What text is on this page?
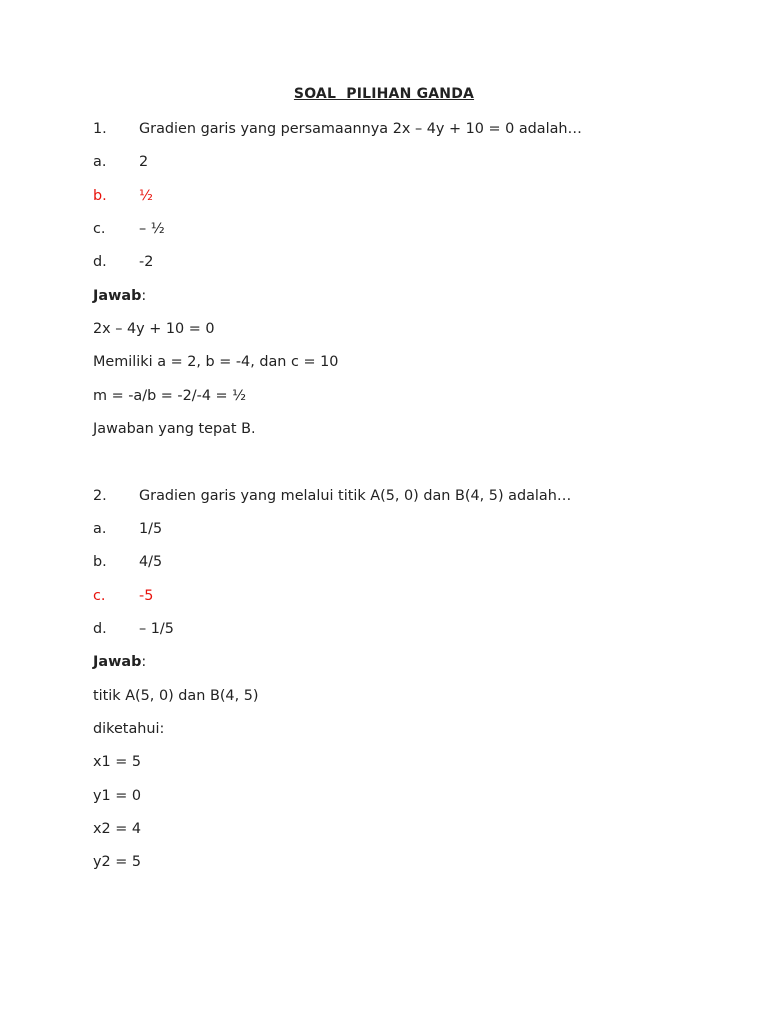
SOAL  PILIHAN GANDA
1. Gradien garis yang persamaannya 2x – 4y + 10 = 0 adalah…
a. 2
b. ½
c. – ½
d. -2
Jawab:
2x – 4y + 10 = 0
Memiliki a = 2, b = -4, dan c = 10
m = -a/b = -2/-4 = ½
Jawaban yang tepat B.
2. Gradien garis yang melalui titik A(5, 0) dan B(4, 5) adalah…
a. 1/5
b. 4/5
c. -5
d. – 1/5
Jawab:
titik A(5, 0) dan B(4, 5)
diketahui:
x1 = 5
y1 = 0
x2 = 4
y2 = 5
